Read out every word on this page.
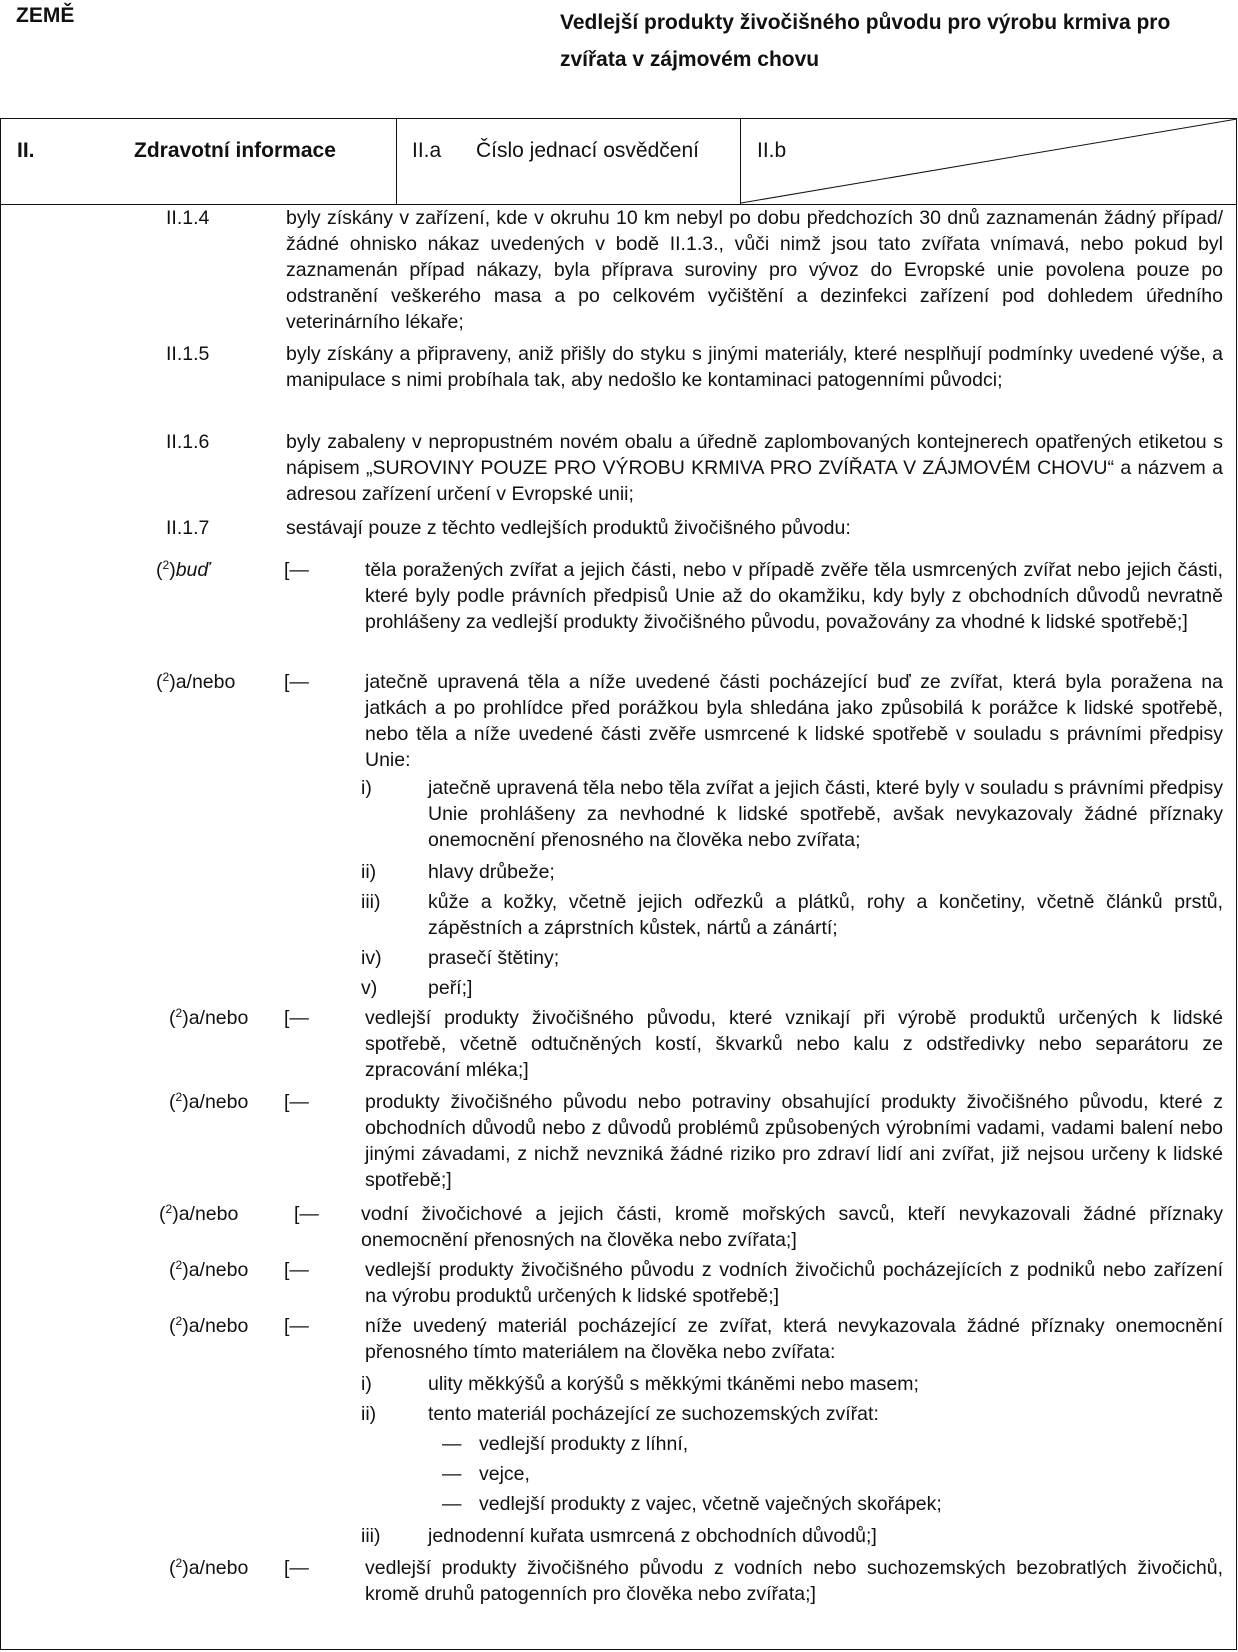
ZEMĚ	Vedlejší produkty živočišného původu pro výrobu krmiva pro zvířata v zájmovém chovu
II.	Zdravotní informace	II.a Číslo jednací osvědčení	II.b
II.1.4	byly získány v zařízení, kde v okruhu 10 km nebyl po dobu předchozích 30 dnů zaznamenán žádný případ/žádné ohnisko nákaz uvedených v bodě II.1.3., vůči nimž jsou tato zvířata vnímavá, nebo pokud byl zaznamenán případ nákazy, byla příprava suroviny pro vývoz do Evropské unie povolena pouze po odstranění veškerého masa a po celkovém vyčištění a dezinfekci zařízení pod dohledem úředního veterinárního lékaře;
II.1.5	byly získány a připraveny, aniž přišly do styku s jinými materiály, které nesplňují podmínky uvedené výše, a manipulace s nimi probíhala tak, aby nedošlo ke kontaminaci patogenními původci;
II.1.6	byly zabaleny v nepropustném novém obalu a úředně zaplombovaných kontejnerech opatřených etiketou s nápisem „SUROVINY POUZE PRO VÝROBU KRMIVA PRO ZVÍŘATA V ZÁJMOVÉM CHOVU“ a názvem a adresou zařízení určení v Evropské unii;
II.1.7	sestávají pouze z těchto vedlejších produktů živočišného původu:
($^2$)buď	[—	těla poražených zvířat a jejich části, nebo v případě zvěře těla usmrcených zvířat nebo jejich části, které byly podle právních předpisů Unie až do okamžiku, kdy byly z obchodních důvodů nevratně prohlášeny za vedlejší produkty živočišného původu, považovány za vhodné k lidské spotřebě;]
($^2$)a/nebo [—	jatečně upravená těla a níže uvedené části pocházející buď ze zvířat, která byla poražena na jatkách a po prohlídce před porážkou byla shledána jako způsobilá k porážce k lidské spotřebě, nebo těla a níže uvedené části zvěře usmrcené k lidské spotřebě v souladu s právními předpisy Unie:
i)	jatečně upravená těla nebo těla zvířat a jejich části, které byly v souladu s právními předpisy Unie prohlášeny za nevhodné k lidské spotřebě, avšak nevykazovaly žádné příznaky onemocnění přenosného na člověka nebo zvířata;
ii)	hlavy drůbeže;
iii) kůže a kožky, včetně jejich odřezků a plátků, rohy a končetiny, včetně článků prstů, zápěstních a záprstních kůstek, nártů a zánártí;
iv) prasečí štětiny;
v)	peří;]
($^2$)a/nebo [—	vedlejší produkty živočišného původu, které vznikají při výrobě produktů určených k lidské spotřebě, včetně odtučněných kostí, škvarků nebo kalu z odstředivky nebo separátoru ze zpracování mléka;]
($^2$)a/nebo [—	produkty živočišného původu nebo potraviny obsahující produkty živočišného původu, které z obchodních důvodů nebo z důvodů problémů způsobených výrobními vadami, vadami balení nebo jinými závadami, z nichž nevzniká žádné riziko pro zdraví lidí ani zvířat, již nejsou určeny k lidské spotřebě;]
($^2$)a/nebo	[— vodní živočichové a jejich části, kromě mořských savců, kteří nevykazovali žádné příznaky onemocnění přenosných na člověka nebo zvířata;]
($^2$)a/nebo [—	vedlejší produkty živočišného původu z vodních živočichů pocházejících z podniků nebo zařízení na výrobu produktů určených k lidské spotřebě;]
($^2$)a/nebo [—	níže uvedený materiál pocházející ze zvířat, která nevykazovala žádné příznaky onemocnění přenosného tímto materiálem na člověka nebo zvířata:
i)	ulity měkkýšů a korýšů s měkkými tkáněmi nebo masem;
ii)	tento materiál pocházející ze suchozemských zvířat:
— vedlejší produkty z líhní,
— vejce,
— vedlejší produkty z vajec, včetně vaječných skořápek;
iii) jednodenní kuřata usmrcená z obchodních důvodů;]
($^2$)a/nebo [—	vedlejší produkty živočišného původu z vodních nebo suchozemských bezobratlých živočichů, kromě druhů patogenních pro člověka nebo zvířata;]
